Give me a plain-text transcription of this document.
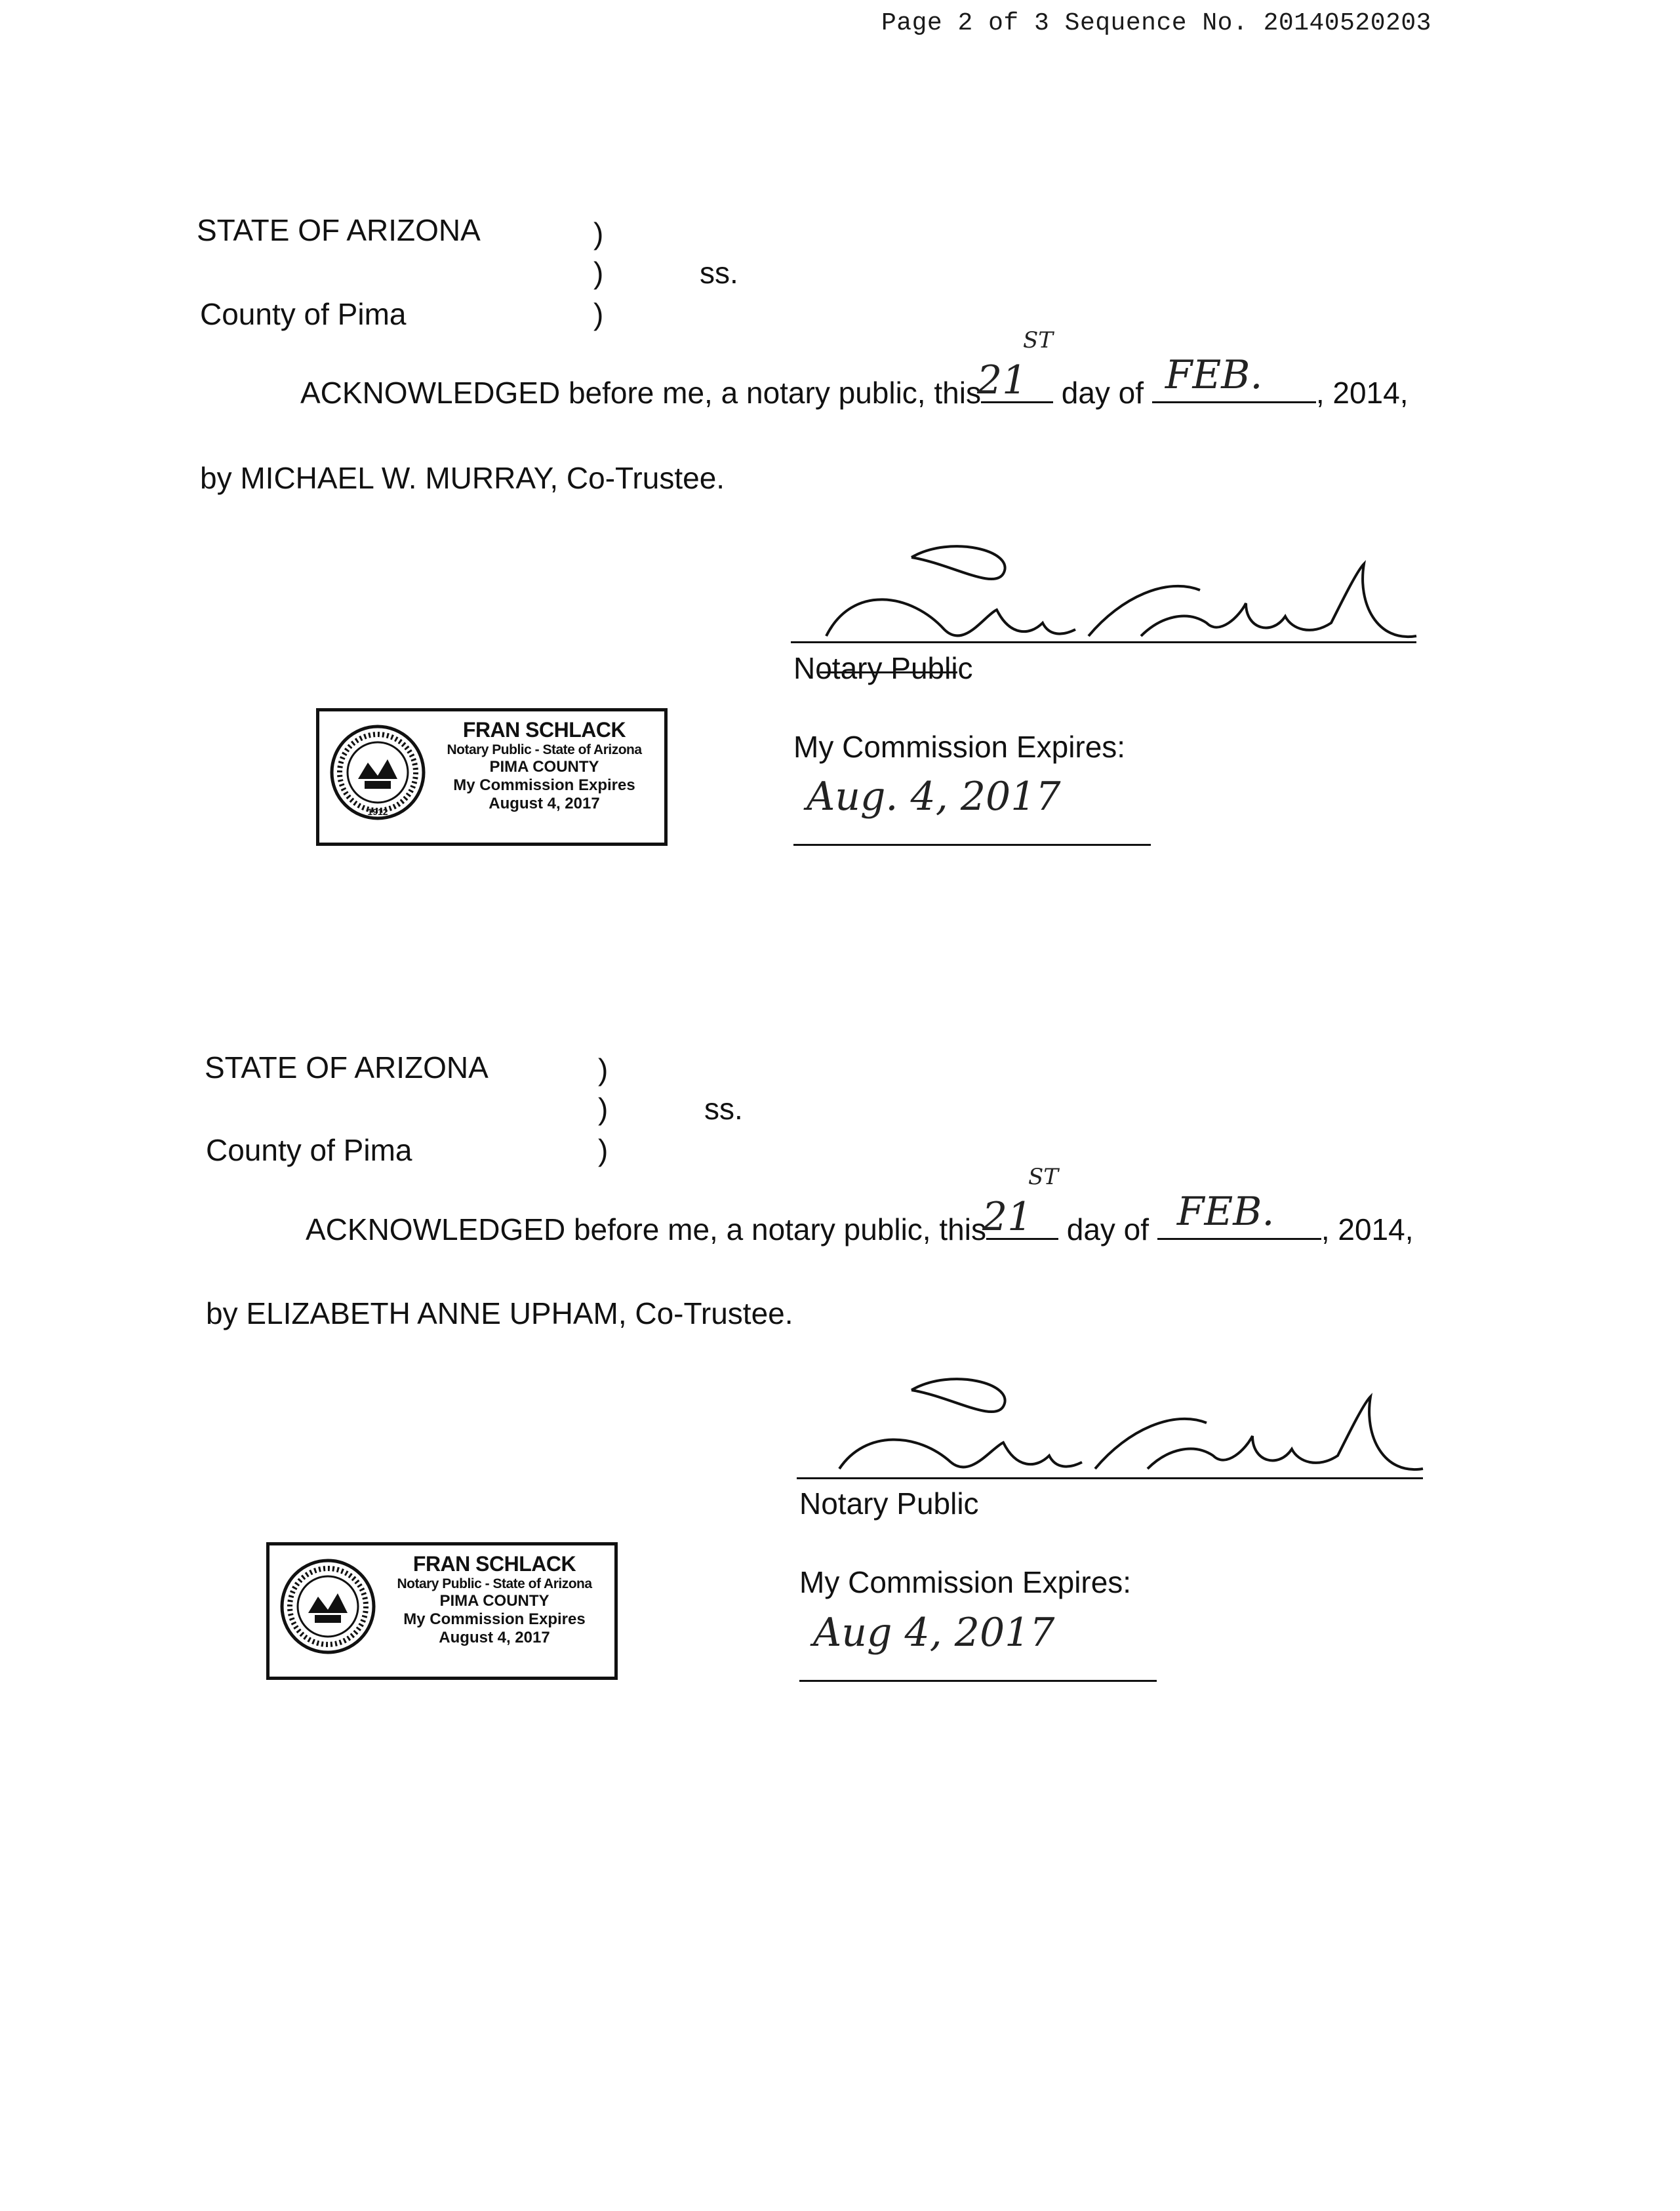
Page 2 of 3 Sequence No. 20140520203
STATE OF ARIZONA	)
)	ss.
County of Pima	)
ACKNOWLEDGED before me, a notary public, this
21
ST
day of FEB. , 2014,
by MICHAEL W. MURRAY, Co-Trustee.
Notary Public
My Commission Expires:
Aug. 4, 2017
1912
FRAN SCHLACK
Notary Public - State of Arizona
PIMA COUNTY
My Commission Expires
August 4, 2017
STATE OF ARIZONA	)
)	ss.
County of Pima	)
ACKNOWLEDGED before me, a notary public, this
21
ST
day of FEB. , 2014,
by ELIZABETH ANNE UPHAM, Co-Trustee.
Notary Public
My Commission Expires:
Aug 4, 2017
FRAN SCHLACK
Notary Public - State of Arizona
PIMA COUNTY
My Commission Expires
August 4, 2017
